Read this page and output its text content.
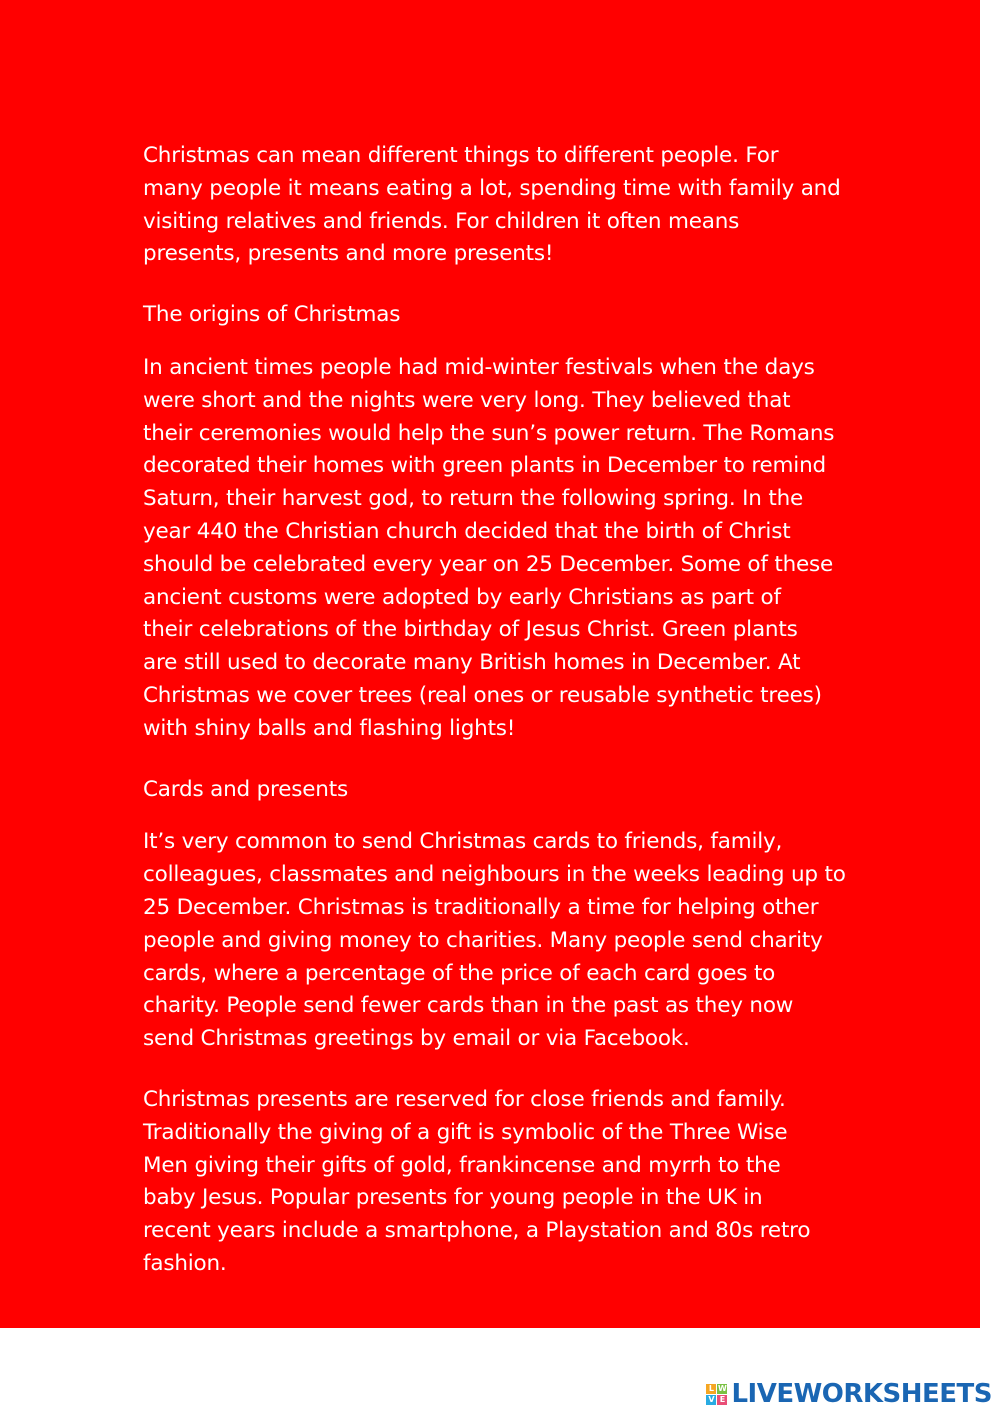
Christmas can mean different things to different people. For
many people it means eating a lot, spending time with family and
visiting relatives and friends. For children it often means
presents, presents and more presents!

The origins of Christmas

In ancient times people had mid-winter festivals when the days
were short and the nights were very long. They believed that
their ceremonies would help the sun’s power return. The Romans
decorated their homes with green plants in December to remind
Saturn, their harvest god, to return the following spring. In the
year 440 the Christian church decided that the birth of Christ
should be celebrated every year on 25 December. Some of these
ancient customs were adopted by early Christians as part of
their celebrations of the birthday of Jesus Christ. Green plants
are still used to decorate many British homes in December. At
Christmas we cover trees (real ones or reusable synthetic trees)
with shiny balls and flashing lights!

Cards and presents

It’s very common to send Christmas cards to friends, family,
colleagues, classmates and neighbours in the weeks leading up to
25 December. Christmas is traditionally a time for helping other
people and giving money to charities. Many people send charity
cards, where a percentage of the price of each card goes to
charity. People send fewer cards than in the past as they now
send Christmas greetings by email or via Facebook.

Christmas presents are reserved for close friends and family.
Traditionally the giving of a gift is symbolic of the Three Wise
Men giving their gifts of gold, frankincense and myrrh to the
baby Jesus. Popular presents for young people in the UK in
recent years include a smartphone, a Playstation and 80s retro
fashion.

L W
V E LIVEWORKSHEETS
